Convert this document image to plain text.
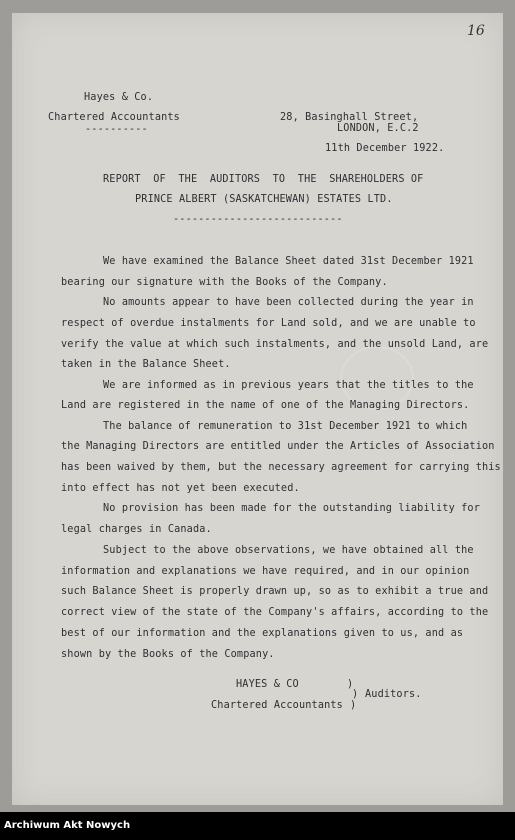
16
Hayes & Co.
Chartered Accountants
----------
28, Basinghall Street,
LONDON, E.C.2
11th December 1922.
REPORT  OF  THE  AUDITORS  TO  THE  SHAREHOLDERS OF
PRINCE ALBERT (SASKATCHEWAN) ESTATES LTD.
---------------------------
We have examined the Balance Sheet dated 31st December 1921
bearing our signature with the Books of the Company.
No amounts appear to have been collected during the year in
respect of overdue instalments for Land sold, and we are unable to
verify the value at which such instalments, and the unsold Land, are
taken in the Balance Sheet.
We are informed as in previous years that the titles to the
Land are registered in the name of one of the Managing Directors.
The balance of remuneration to 31st December 1921 to which
the Managing Directors are entitled under the Articles of Association
has been waived by them, but the necessary agreement for carrying this
into effect has not yet been executed.
No provision has been made for the outstanding liability for
legal charges in Canada.
Subject to the above observations, we have obtained all the
information and explanations we have required, and in our opinion
such Balance Sheet is properly drawn up, so as to exhibit a true and
correct view of the state of the Company's affairs, according to the
best of our information and the explanations given to us, and as
shown by the Books of the Company.
HAYES & CO	)
) Auditors.
Chartered Accountants )
Archiwum Akt Nowych
